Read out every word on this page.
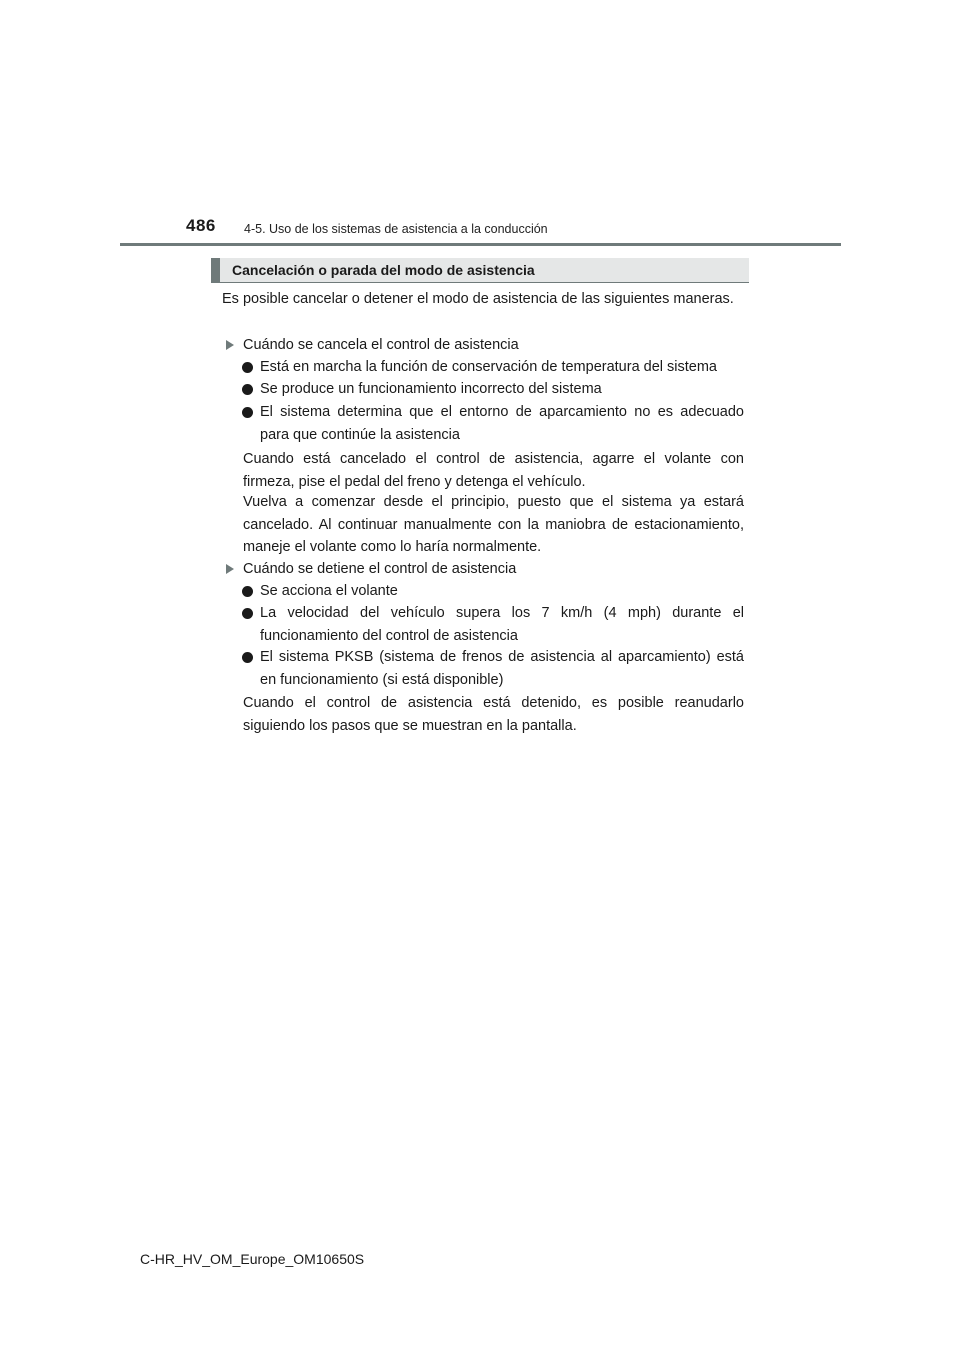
486 4-5. Uso de los sistemas de asistencia a la conducción
Cancelación o parada del modo de asistencia
Es posible cancelar o detener el modo de asistencia de las siguientes maneras.
Cuándo se cancela el control de asistencia
Está en marcha la función de conservación de temperatura del sistema
Se produce un funcionamiento incorrecto del sistema
El sistema determina que el entorno de aparcamiento no es adecuado para que continúe la asistencia
Cuando está cancelado el control de asistencia, agarre el volante con firmeza, pise el pedal del freno y detenga el vehículo.
Vuelva a comenzar desde el principio, puesto que el sistema ya estará cancelado. Al continuar manualmente con la maniobra de estacionamiento, maneje el volante como lo haría normalmente.
Cuándo se detiene el control de asistencia
Se acciona el volante
La velocidad del vehículo supera los 7 km/h (4 mph) durante el funcionamiento del control de asistencia
El sistema PKSB (sistema de frenos de asistencia al aparcamiento) está en funcionamiento (si está disponible)
Cuando el control de asistencia está detenido, es posible reanudarlo siguiendo los pasos que se muestran en la pantalla.
C-HR_HV_OM_Europe_OM10650S
